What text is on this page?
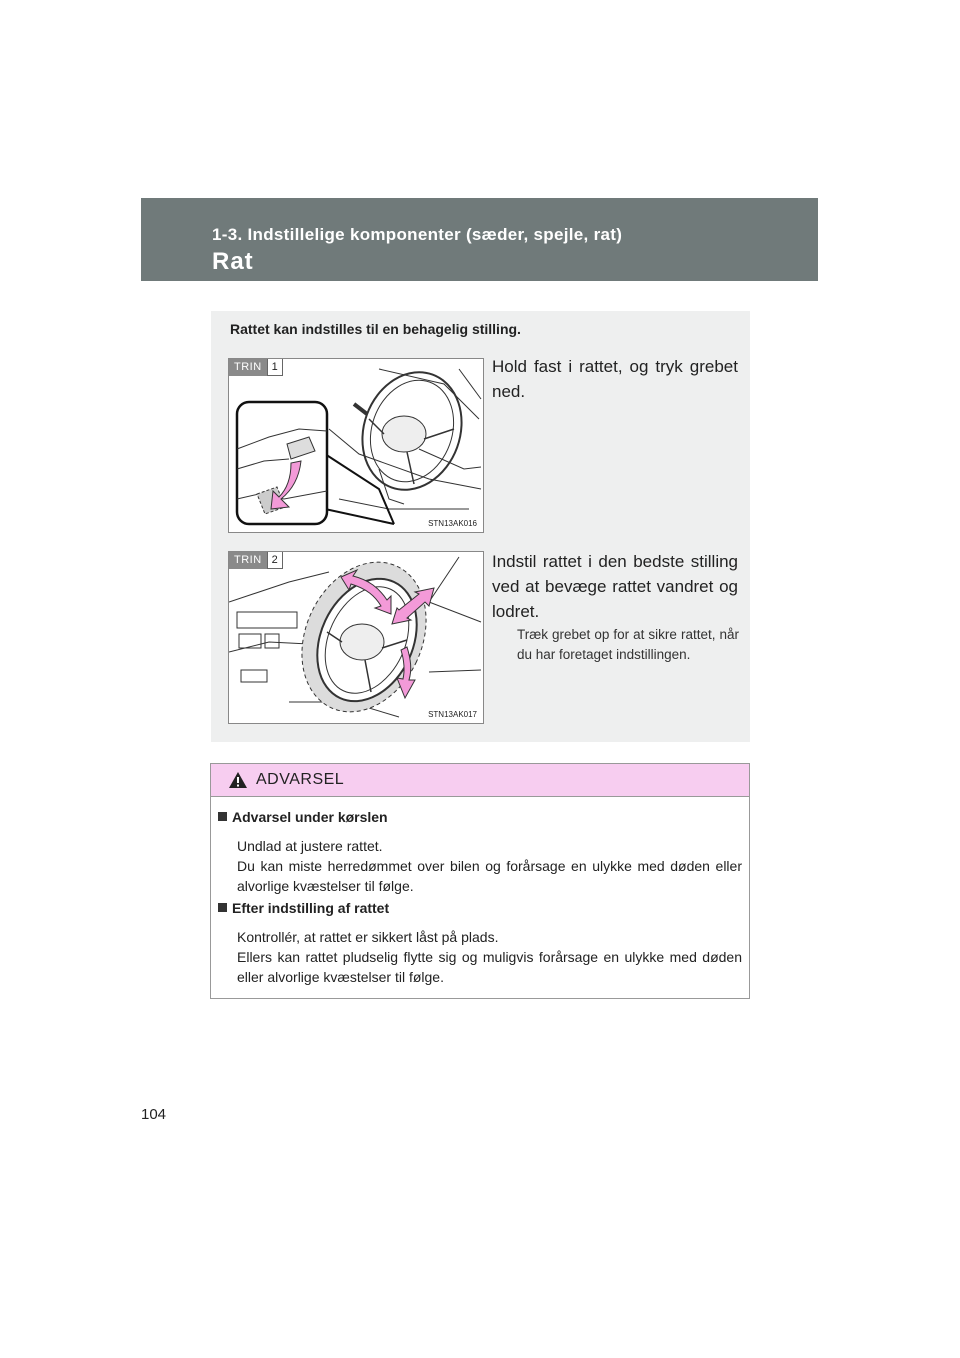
1-3. Indstillelige komponenter (sæder, spejle, rat)
Rat
Rattet kan indstilles til en behagelig stilling.
TRIN 1
STN13AK016
Hold fast i rattet, og tryk grebet ned.
TRIN 2
STN13AK017
Indstil rattet i den bedste stilling ved at bevæge rattet vandret og lodret.
Træk grebet op for at sikre rattet, når du har foretaget indstillingen.
ADVARSEL
Advarsel under kørslen

Undlad at justere rattet.

Du kan miste herredømmet over bilen og forårsage en ulykke med døden eller alvorlige kvæstelser til følge.

Efter indstilling af rattet

Kontrollér, at rattet er sikkert låst på plads.

Ellers kan rattet pludselig flytte sig og muligvis forårsage en ulykke med døden eller alvorlige kvæstelser til følge.

104
